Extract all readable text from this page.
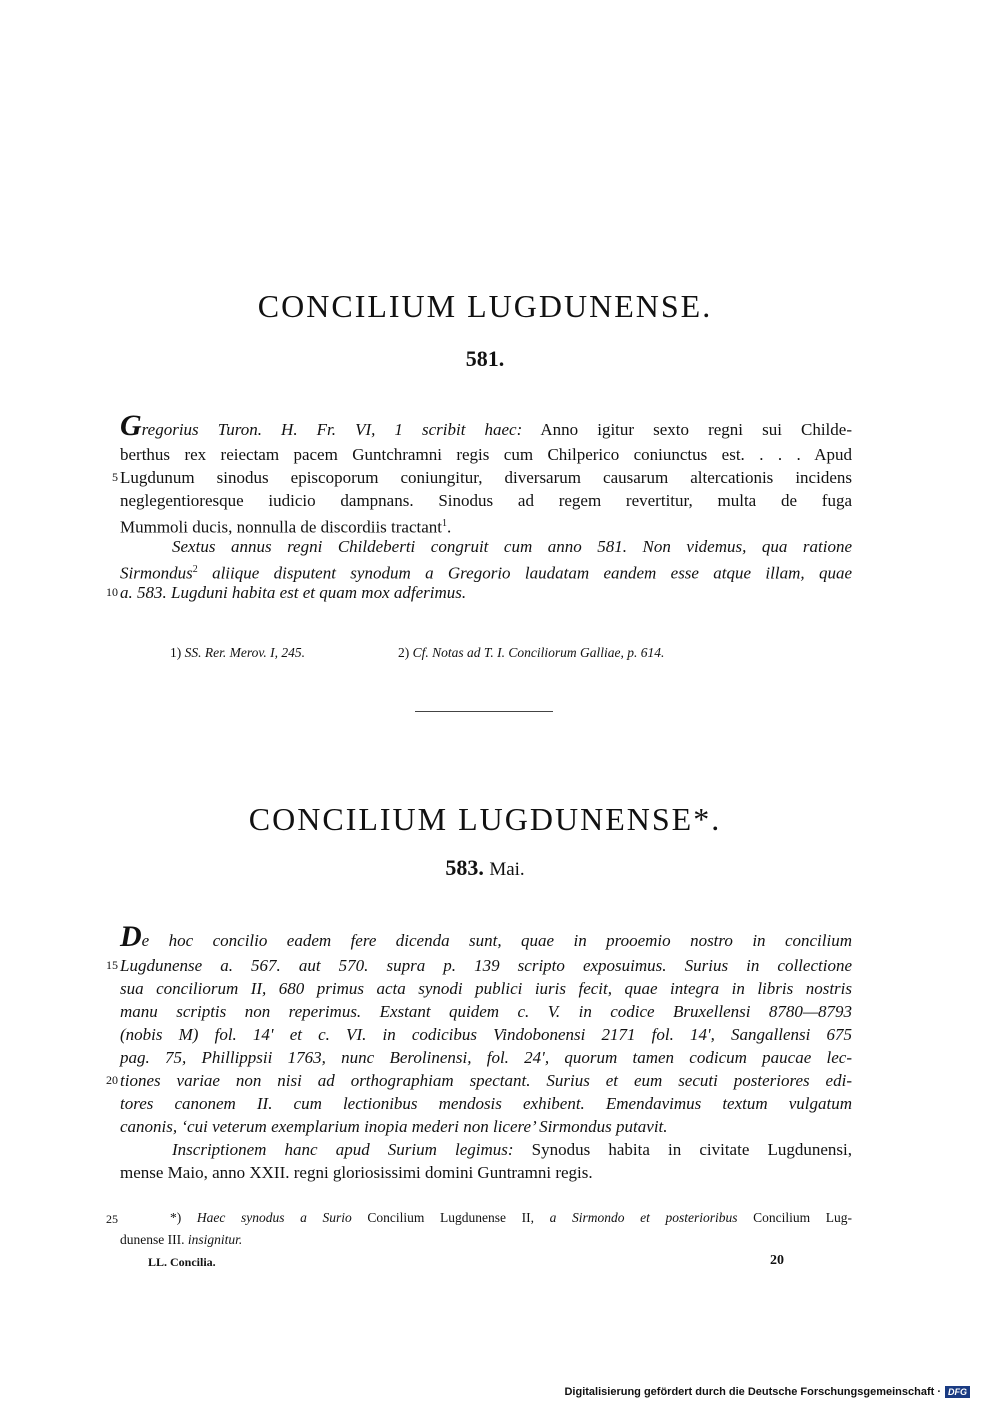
CONCILIUM LUGDUNENSE.
581.
Gregorius Turon. H. Fr. VI, 1 scribit haec: Anno igitur sexto regni sui Childe-
berthus rex reiectam pacem Guntchramni regis cum Chilperico coniunctus est. . . . Apud
5 Lugdunum sinodus episcoporum coniungitur, diversarum causarum altercationis incidens
neglegentioresque iudicio dampnans. Sinodus ad regem revertitur, multa de fuga
Mummoli ducis, nonnulla de discordiis tractant$^1$.
Sextus annus regni Childeberti congruit cum anno 581. Non videmus, qua ratione
Sirmondus$^2$ aliique disputent synodum a Gregorio laudatam eandem esse atque illam, quae
10 a. 583. Lugduni habita est et quam mox adferimus.
1) SS. Rer. Merov. I, 245.	2) Cf. Notas ad T. I. Conciliorum Galliae, p. 614.
CONCILIUM LUGDUNENSE*.
583. Mai.
De hoc concilio eadem fere dicenda sunt, quae in prooemio nostro in concilium
15 Lugdunense a. 567. aut 570. supra p. 139 scripto exposuimus. Surius in collectione
sua conciliorum II, 680 primus acta synodi publici iuris fecit, quae integra in libris nostris
manu scriptis non reperimus. Exstant quidem c. V. in codice Bruxellensi 8780—8793
(nobis M) fol. 14' et c. VI. in codicibus Vindobonensi 2171 fol. 14', Sangallensi 675
pag. 75, Phillippsii 1763, nunc Berolinensi, fol. 24', quorum tamen codicum paucae lec-
20 tiones variae non nisi ad orthographiam spectant. Surius et eum secuti posteriores edi-
tores canonem II. cum lectionibus mendosis exhibent. Emendavimus textum vulgatum
canonis, ‘cui veterum exemplarium inopia mederi non licere’ Sirmondus putavit.
Inscriptionem hanc apud Surium legimus: Synodus habita in civitate Lugdunensi,
mense Maio, anno XXII. regni gloriosissimi domini Guntramni regis.
25	*) Haec synodus a Surio Concilium Lugdunense II, a Sirmondo et posterioribus Concilium Lug-
dunense III. insignitur.
LL. Concilia.	20
Digitalisierung gefördert durch die Deutsche Forschungsgemeinschaft · DFG
